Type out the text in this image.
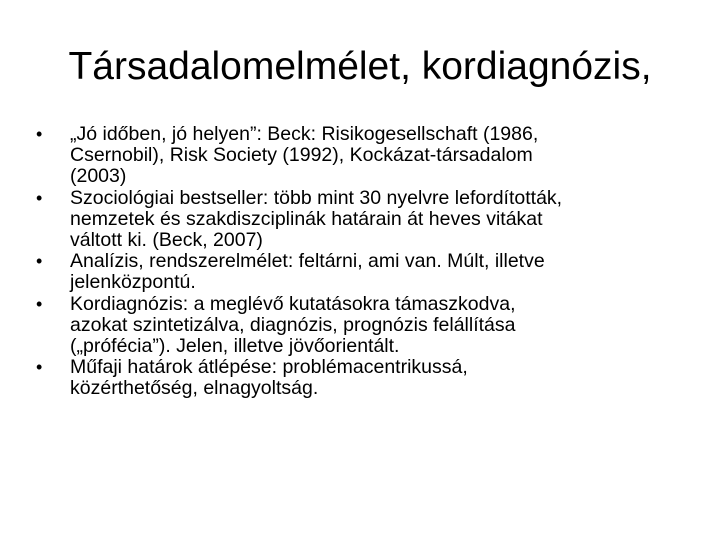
Társadalomelmélet, kordiagnózis,
•	„Jó időben, jó helyen”: Beck: Risikogesellschaft (1986,
Csernobil), Risk Society (1992), Kockázat-társadalom
(2003)
•	Szociológiai bestseller: több mint 30 nyelvre lefordították,
nemzetek és szakdiszciplinák határain át heves vitákat
váltott ki. (Beck, 2007)
•	Analízis, rendszerelmélet: feltárni, ami van. Múlt, illetve
jelenközpontú.
•	Kordiagnózis: a meglévő kutatásokra támaszkodva,
azokat szintetizálva, diagnózis, prognózis felállítása
(„prófécia”). Jelen, illetve jövőorientált.
•	Műfaji határok átlépése: problémacentrikussá,
közérthetőség, elnagyoltság.
